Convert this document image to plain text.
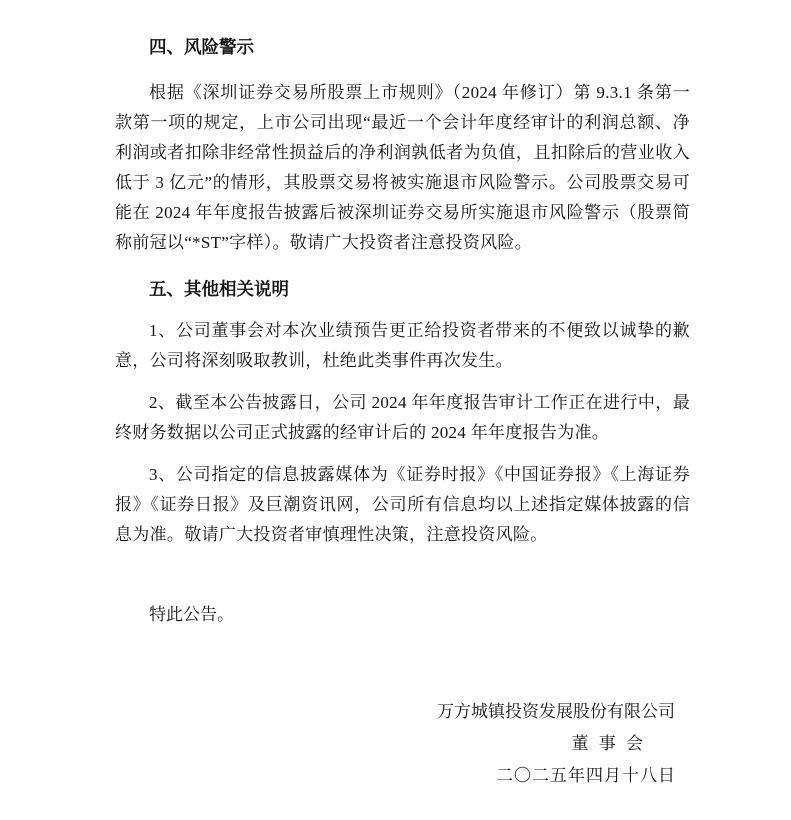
四、风险警示
根据《深圳证券交易所股票上市规则》（2024 年修订）第 9.3.1 条第一款第一项的规定，上市公司出现“最近一个会计年度经审计的利润总额、净利润或者扣除非经常性损益后的净利润孰低者为负值，且扣除后的营业收入低于 3 亿元”的情形，其股票交易将被实施退市风险警示。公司股票交易可能在 2024 年年度报告披露后被深圳证券交易所实施退市风险警示（股票简称前冠以“*ST”字样）。敬请广大投资者注意投资风险。
五、其他相关说明
1、公司董事会对本次业绩预告更正给投资者带来的不便致以诚挚的歉意，公司将深刻吸取教训，杜绝此类事件再次发生。
2、截至本公告披露日，公司 2024 年年度报告审计工作正在进行中，最终财务数据以公司正式披露的经审计后的 2024 年年度报告为准。
3、公司指定的信息披露媒体为《证券时报》《中国证券报》《上海证券报》《证券日报》及巨潮资讯网，公司所有信息均以上述指定媒体披露的信息为准。敬请广大投资者审慎理性决策，注意投资风险。
特此公告。
万方城镇投资发展股份有限公司
董 事 会
二〇二五年四月十八日
